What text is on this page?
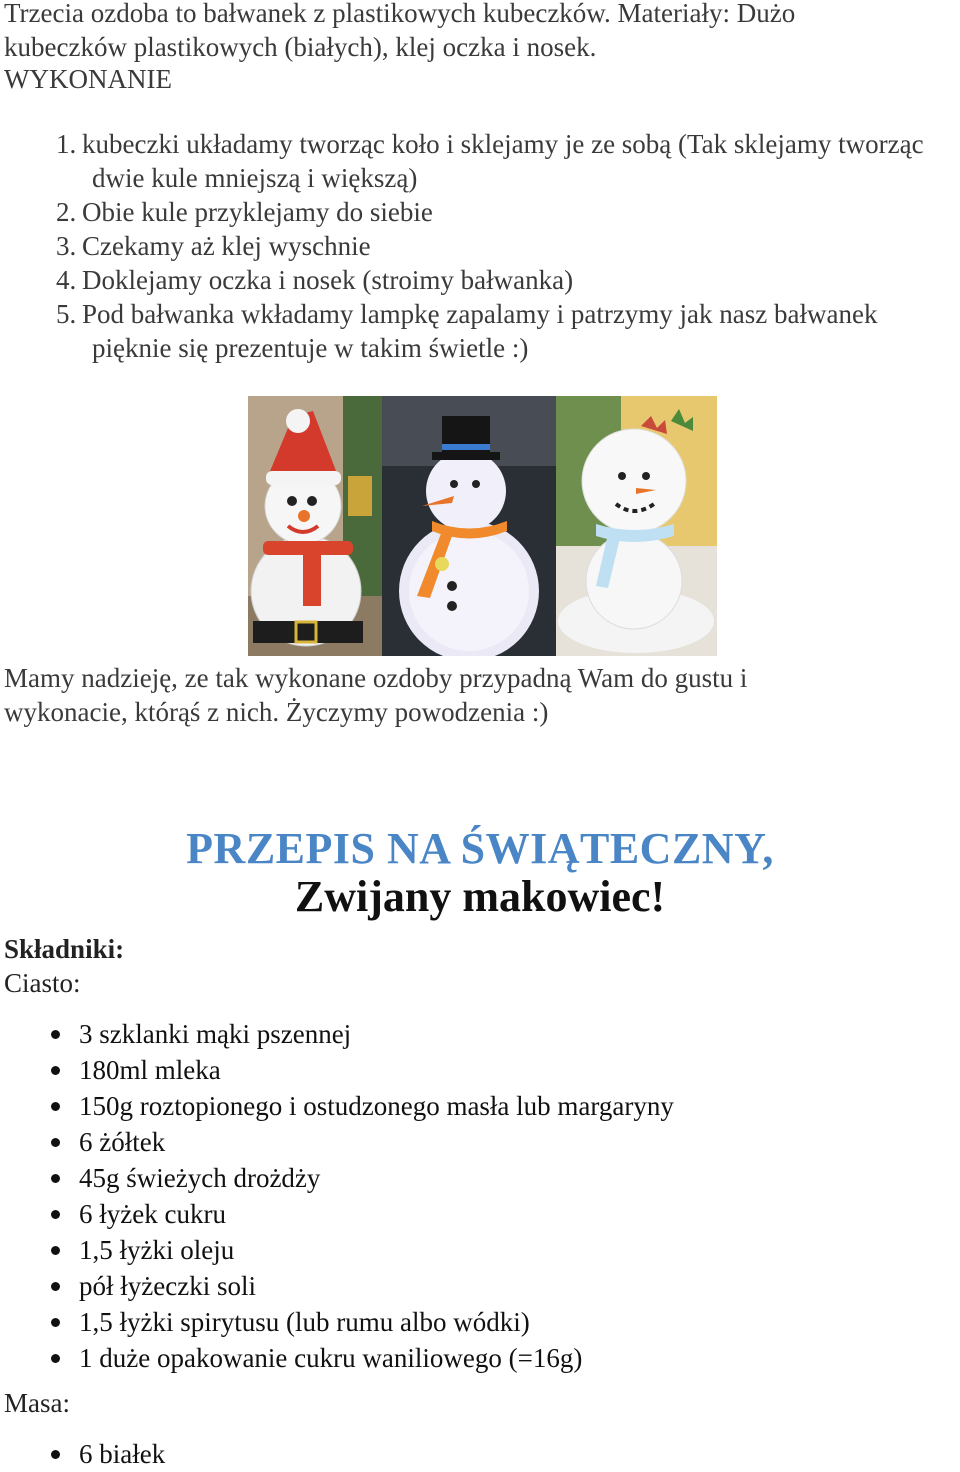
Trzecia ozdoba to bałwanek z plastikowych kubeczków. Materiały: Dużo
kubeczków plastikowych (białych), klej oczka i nosek.

WYKONANIE
1. kubeczki układamy tworząc koło i sklejamy je ze sobą (Tak sklejamy tworząc dwie kule mniejszą i większą)
2. Obie kule przyklejamy do siebie
3. Czekamy aż klej wyschnie
4. Doklejamy oczka i nosek (stroimy bałwanka)
5. Pod bałwanka wkładamy lampkę zapalamy i patrzymy jak nasz bałwanek pięknie się prezentuje w takim świetle :)

Mamy nadzieję, ze tak wykonane ozdoby przypadną Wam do gustu i
wykonacie, którąś z nich. Życzymy powodzenia :)

PRZEPIS NA ŚWIĄTECZNY,
Zwijany makowiec!
Składniki:
Ciasto:
3 szklanki mąki pszennej
180ml mleka
150g roztopionego i ostudzonego masła lub margaryny
6 żółtek
45g świeżych drożdży
6 łyżek cukru
1,5 łyżki oleju
pół łyżeczki soli
1,5 łyżki spirytusu (lub rumu albo wódki)
1 duże opakowanie cukru waniliowego (=16g)
Masa:
6 białek
